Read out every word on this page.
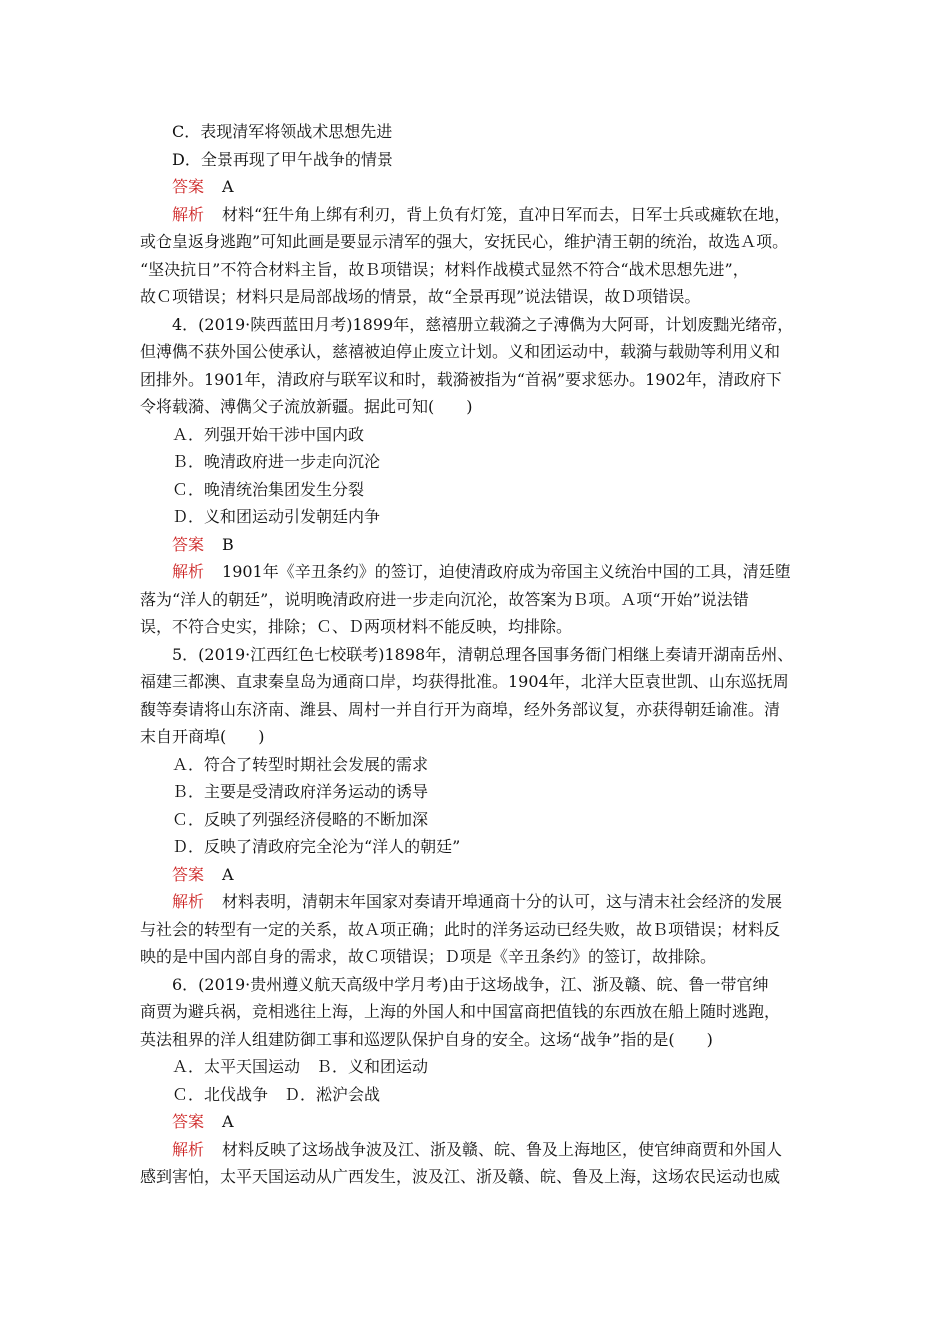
C．表现清军将领战术思想先进
D．全景再现了甲午战争的情景
答案 A
解析 材料“狂牛角上绑有利刃，背上负有灯笼，直冲日军而去，日军士兵或瘫软在地，
或仓皇返身逃跑”可知此画是要显示清军的强大，安抚民心，维护清王朝的统治，故选Ａ项。
“坚决抗日”不符合材料主旨，故Ｂ项错误；材料作战模式显然不符合“战术思想先进”，
故Ｃ项错误；材料只是局部战场的情景，故“全景再现”说法错误，故Ｄ项错误。
4．(2019·陕西蓝田月考)1899年，慈禧册立载漪之子溥儁为大阿哥，计划废黜光绪帝，
但溥儁不获外国公使承认，慈禧被迫停止废立计划。义和团运动中，载漪与载勋等利用义和
团排外。1901年，清政府与联军议和时，载漪被指为“首祸”要求惩办。1902年，清政府下
令将载漪、溥儁父子流放新疆。据此可知(　　)
Ａ．列强开始干涉中国内政
Ｂ．晚清政府进一步走向沉沦
Ｃ．晚清统治集团发生分裂
Ｄ．义和团运动引发朝廷内争
答案 B
解析 1901年《辛丑条约》的签订，迫使清政府成为帝国主义统治中国的工具，清廷堕
落为“洋人的朝廷”，说明晚清政府进一步走向沉沦，故答案为Ｂ项。Ａ项“开始”说法错
误，不符合史实，排除；Ｃ、Ｄ两项材料不能反映，均排除。
5．(2019·江西红色七校联考)1898年，清朝总理各国事务衙门相继上奏请开湖南岳州、
福建三都澳、直隶秦皇岛为通商口岸，均获得批准。1904年，北洋大臣袁世凯、山东巡抚周
馥等奏请将山东济南、潍县、周村一并自行开为商埠，经外务部议复，亦获得朝廷谕准。清
末自开商埠(　　)
Ａ．符合了转型时期社会发展的需求
Ｂ．主要是受清政府洋务运动的诱导
Ｃ．反映了列强经济侵略的不断加深
Ｄ．反映了清政府完全沦为“洋人的朝廷”
答案 A
解析 材料表明，清朝末年国家对奏请开埠通商十分的认可，这与清末社会经济的发展
与社会的转型有一定的关系，故Ａ项正确；此时的洋务运动已经失败，故Ｂ项错误；材料反
映的是中国内部自身的需求，故Ｃ项错误；Ｄ项是《辛丑条约》的签订，故排除。
6．(2019·贵州遵义航天高级中学月考)由于这场战争，江、浙及赣、皖、鲁一带官绅
商贾为避兵祸，竞相逃往上海，上海的外国人和中国富商把值钱的东西放在船上随时逃跑，
英法租界的洋人组建防御工事和巡逻队保护自身的安全。这场“战争”指的是(　　)
Ａ．太平天国运动　Ｂ．义和团运动
Ｃ．北伐战争　Ｄ．淞沪会战
答案 A
解析 材料反映了这场战争波及江、浙及赣、皖、鲁及上海地区，使官绅商贾和外国人
感到害怕，太平天国运动从广西发生，波及江、浙及赣、皖、鲁及上海，这场农民运动也威
